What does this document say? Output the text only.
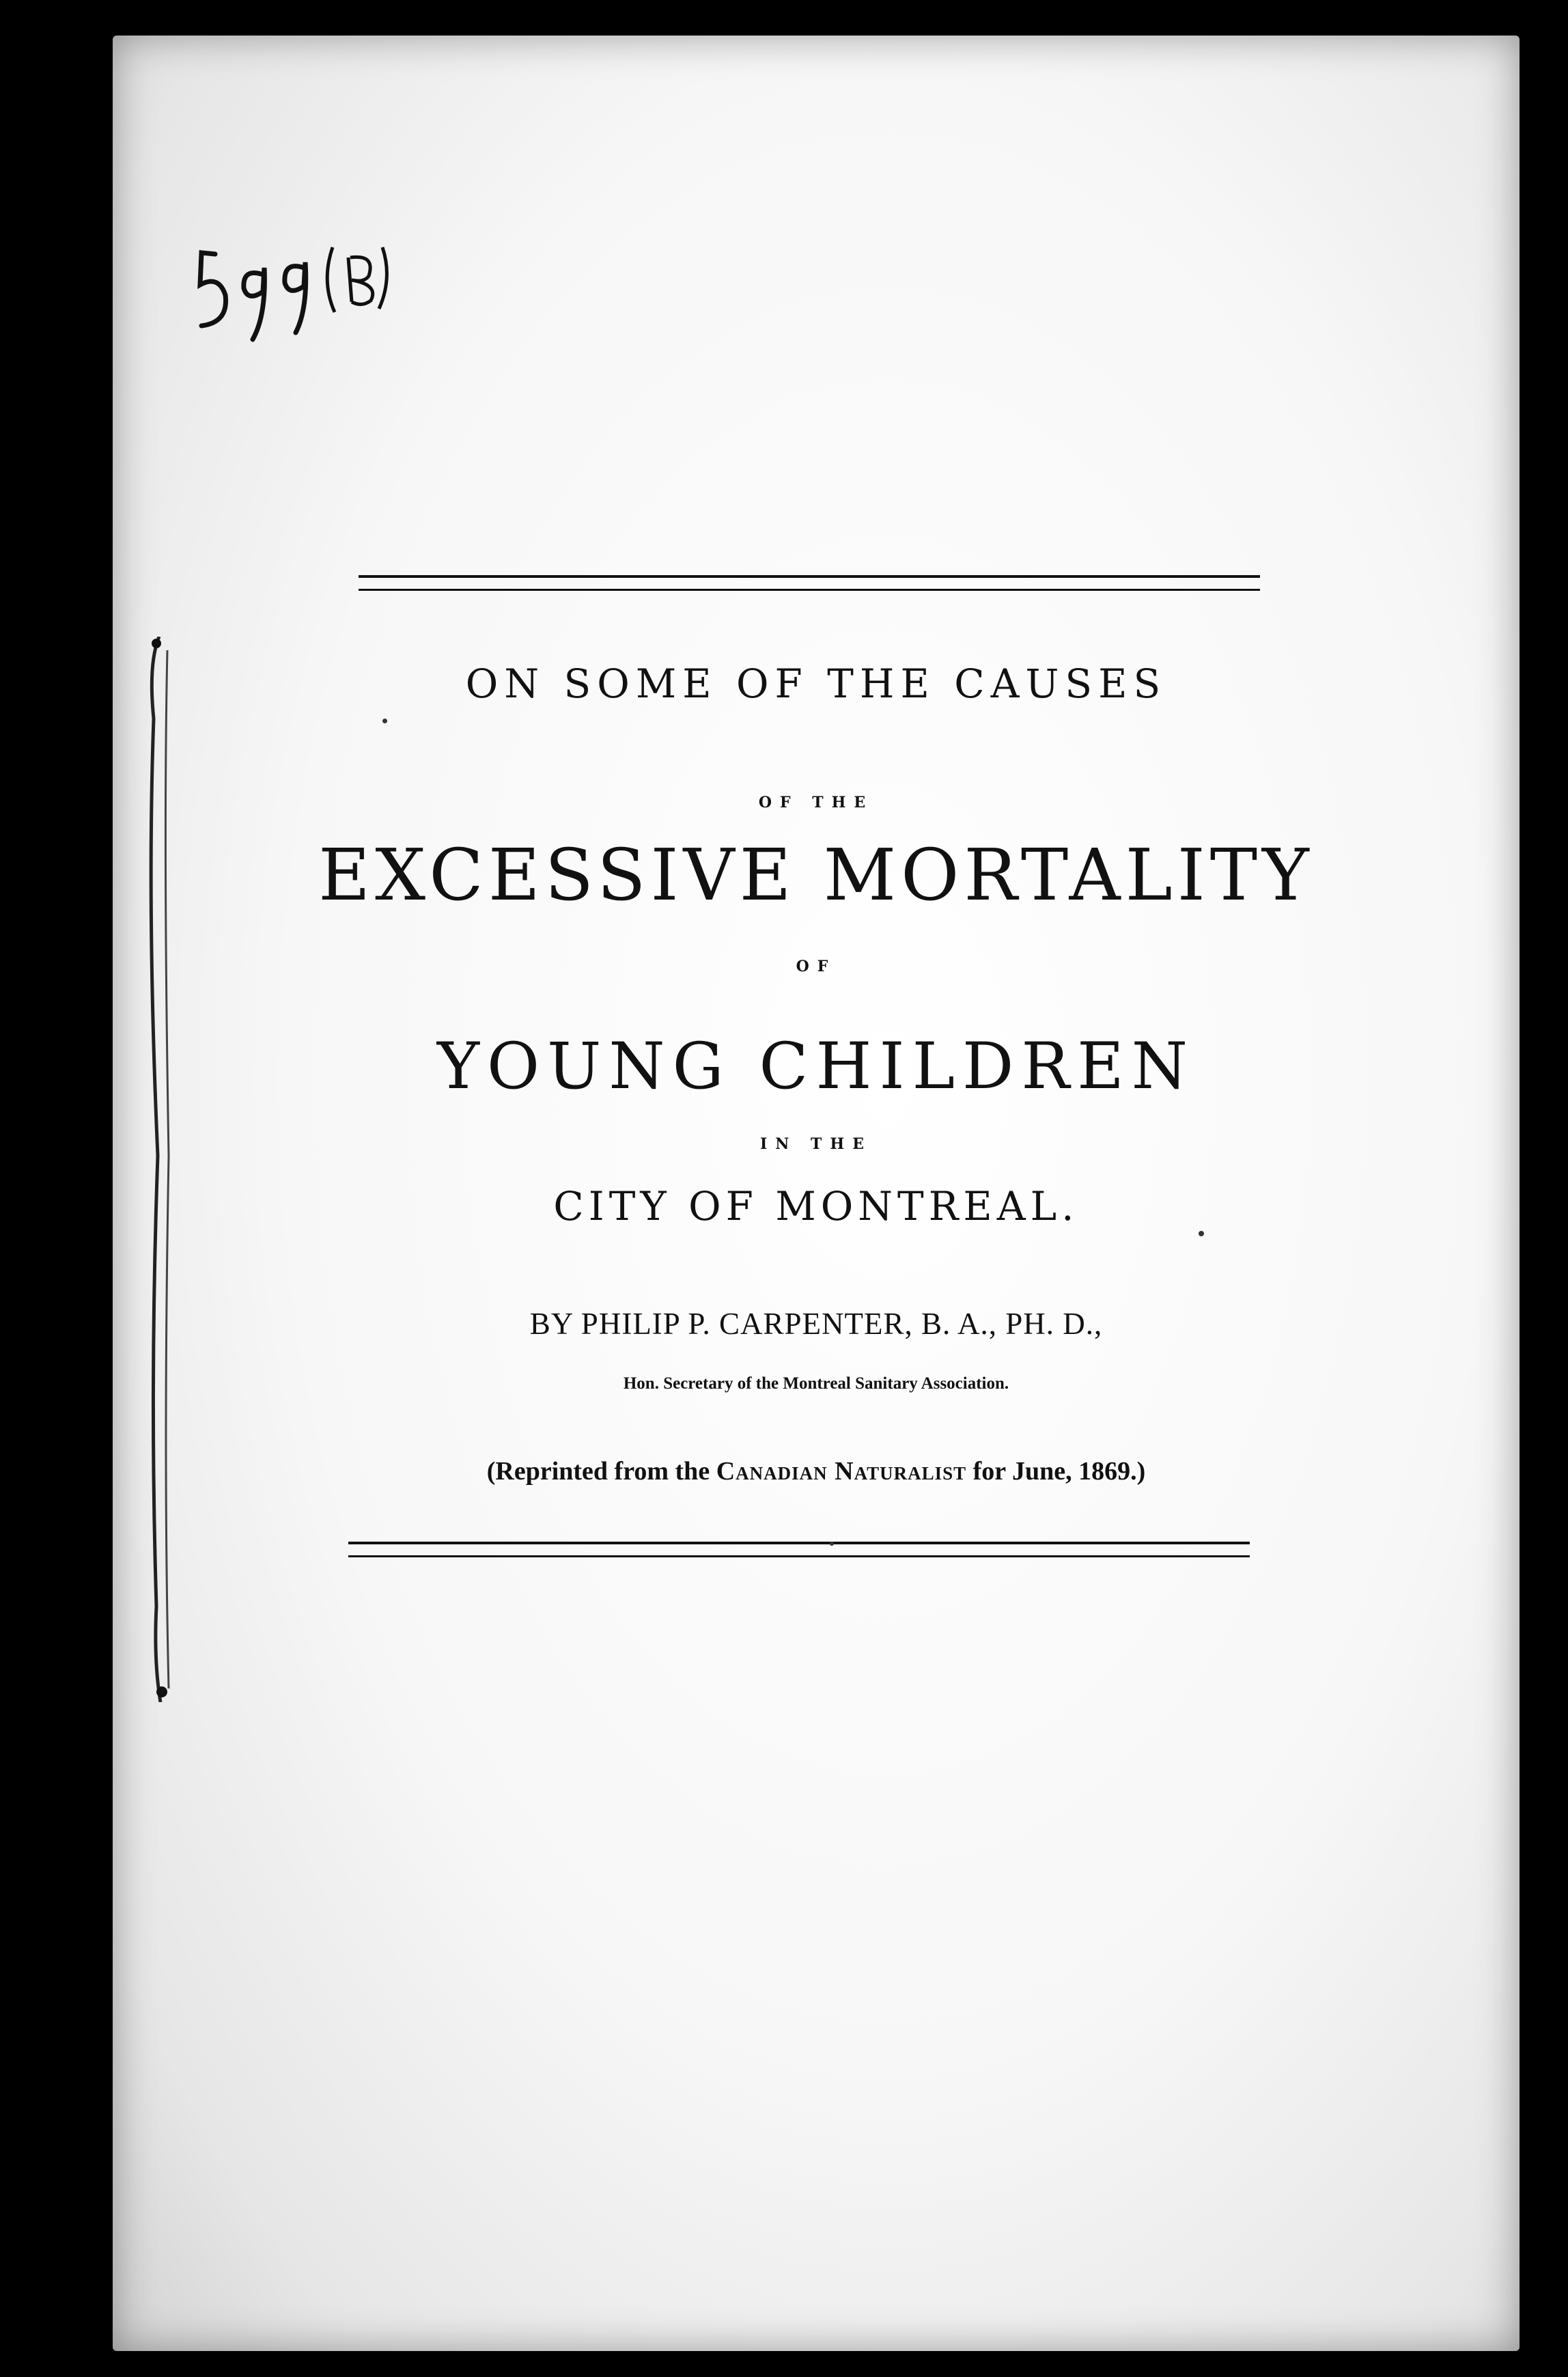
ON SOME OF THE CAUSES
OF THE
EXCESSIVE MORTALITY
OF
YOUNG CHILDREN
IN THE
CITY OF MONTREAL.
BY PHILIP P. CARPENTER, B. A., PH. D.,
Hon. Secretary of the Montreal Sanitary Association.
(Reprinted from the Canadian Naturalist for June, 1869.)
